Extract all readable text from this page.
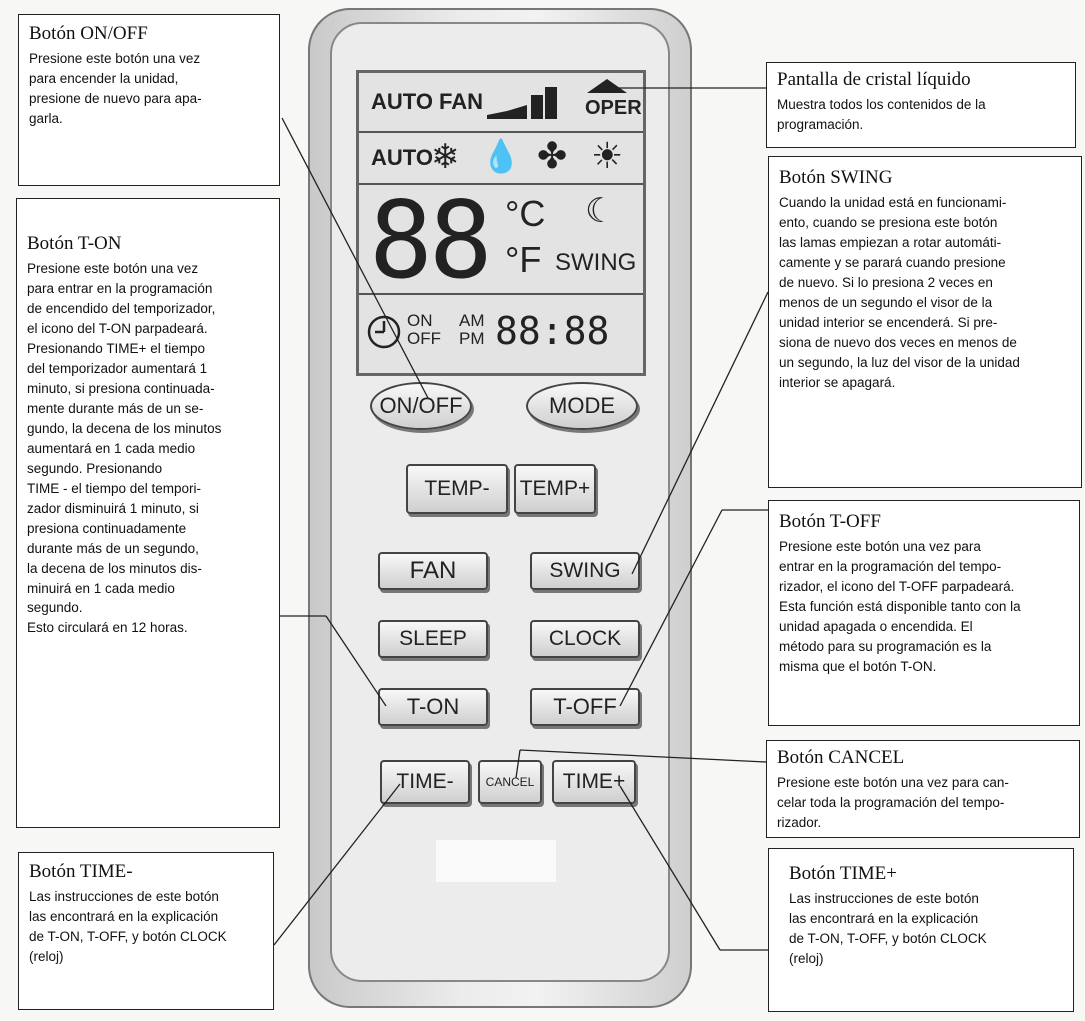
AUTO FAN	OPER
AUTO
❄ 💧 ✤ ☀
88 °C
°F
☾
SWING
ON
OFF
AM
PM 88:88
ON/OFF	MODE
TEMP-	TEMP+
FAN	SWING
SLEEP	CLOCK
T-ON	T-OFF
TIME-	CANCEL	TIME+
Botón ON/OFF

Presione este botón una vez
para encender la unidad,
presione de nuevo para apa-
garla.

Botón T-ON

Presione este botón una vez
para entrar en la programación
de encendido del temporizador,
el icono del T-ON parpadeará.
Presionando TIME+ el tiempo
del temporizador aumentará 1
minuto, si presiona continuada-
mente durante más de un se-
gundo, la decena de los minutos
aumentará en 1 cada medio
segundo. Presionando
TIME - el tiempo del tempori-
zador disminuirá 1 minuto, si
presiona continuadamente
durante más de un segundo,
la decena de los minutos dis-
minuirá en 1 cada medio
segundo.
Esto circulará en 12 horas.

Botón TIME-

Las instrucciones de este botón
las encontrará en la explicación
de T-ON, T-OFF, y botón CLOCK
(reloj)

Pantalla de cristal líquido

Muestra todos los contenidos de la
programación.

Botón SWING

Cuando la unidad está en funcionami-
ento, cuando se presiona este botón
las lamas empiezan a rotar automáti-
camente y se parará cuando presione
de nuevo. Si lo presiona 2 veces en
menos de un segundo el visor de la
unidad interior se encenderá. Si pre-
siona de nuevo dos veces en menos de
un segundo, la luz del visor de la unidad
interior se apagará.

Botón T-OFF

Presione este botón una vez para
entrar en la programación del tempo-
rizador, el icono del T-OFF parpadeará.
Esta función está disponible tanto con la
unidad apagada o encendida. El
método para su programación es la
misma que el botón T-ON.

Botón CANCEL

Presione este botón una vez para can-
celar toda la programación del tempo-
rizador.

Botón TIME+

Las instrucciones de este botón
las encontrará en la explicación
de T-ON, T-OFF, y botón CLOCK
(reloj)
